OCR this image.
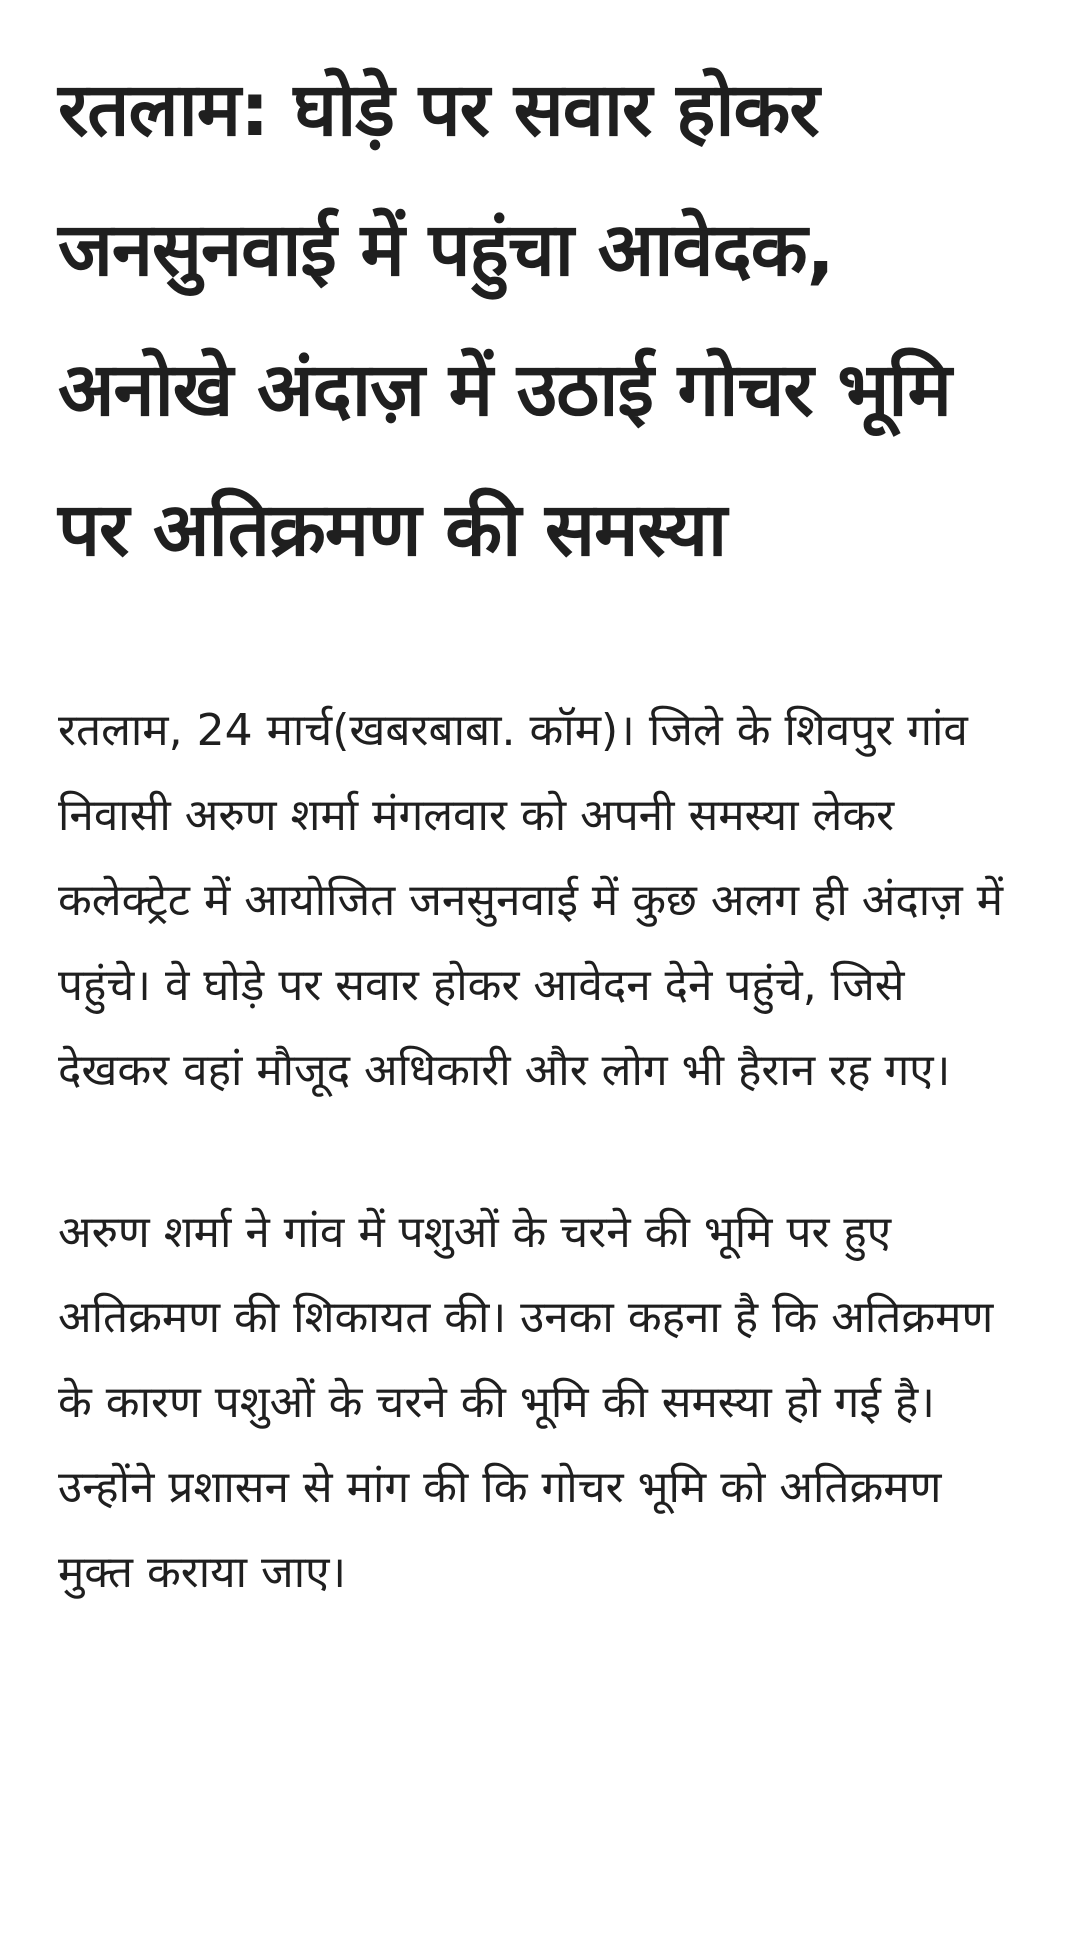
रतलाम: घोड़े पर सवार होकर जनसुनवाई में पहुंचा आवेदक, अनोखे अंदाज़ में उठाई गोचर भूमि पर अतिक्रमण की समस्या

रतलाम, 24 मार्च(खबरबाबा. कॉम)। जिले के शिवपुर गांव निवासी अरुण शर्मा मंगलवार को अपनी समस्या लेकर कलेक्ट्रेट में आयोजित जनसुनवाई में कुछ अलग ही अंदाज़ में पहुंचे। वे घोड़े पर सवार होकर आवेदन देने पहुंचे, जिसे देखकर वहां मौजूद अधिकारी और लोग भी हैरान रह गए।

अरुण शर्मा ने गांव में पशुओं के चरने की भूमि पर हुए अतिक्रमण की शिकायत की। उनका कहना है कि अतिक्रमण के कारण पशुओं के चरने की भूमि की समस्या हो गई है। उन्होंने प्रशासन से मांग की कि गोचर भूमि को अतिक्रमण मुक्त कराया जाए।
